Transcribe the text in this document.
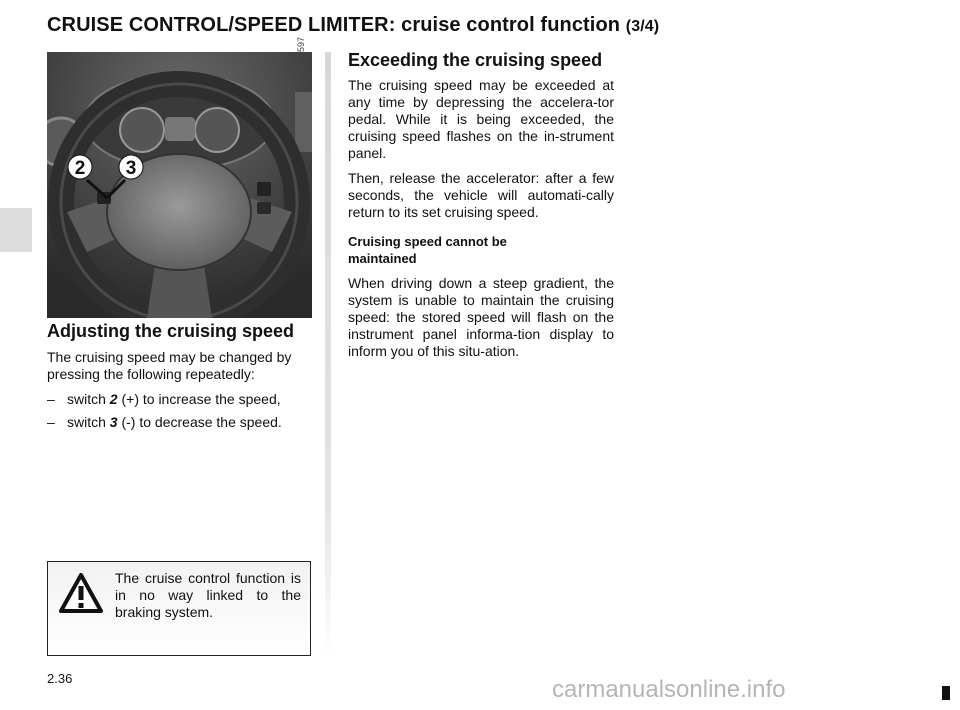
CRUISE CONTROL/SPEED LIMITER: cruise control function (3/4)
2 3
35597
Adjusting the cruising speed

The cruising speed may be changed by pressing the following repeatedly:

– switch 2 (+) to increase the speed,

– switch 3 (-) to decrease the speed.

The cruise control function is in no way linked to the braking system.

Exceeding the cruising speed

The cruising speed may be exceeded at any time by depressing the accelera-tor pedal. While it is being exceeded, the cruising speed flashes on the in-strument panel.

Then, release the accelerator: after a few seconds, the vehicle will automati-cally return to its set cruising speed.

Cruising speed cannot be maintained

When driving down a steep gradient, the system is unable to maintain the cruising speed: the stored speed will flash on the instrument panel informa-tion display to inform you of this situ-ation.

2.36	carmanualsonline.info
